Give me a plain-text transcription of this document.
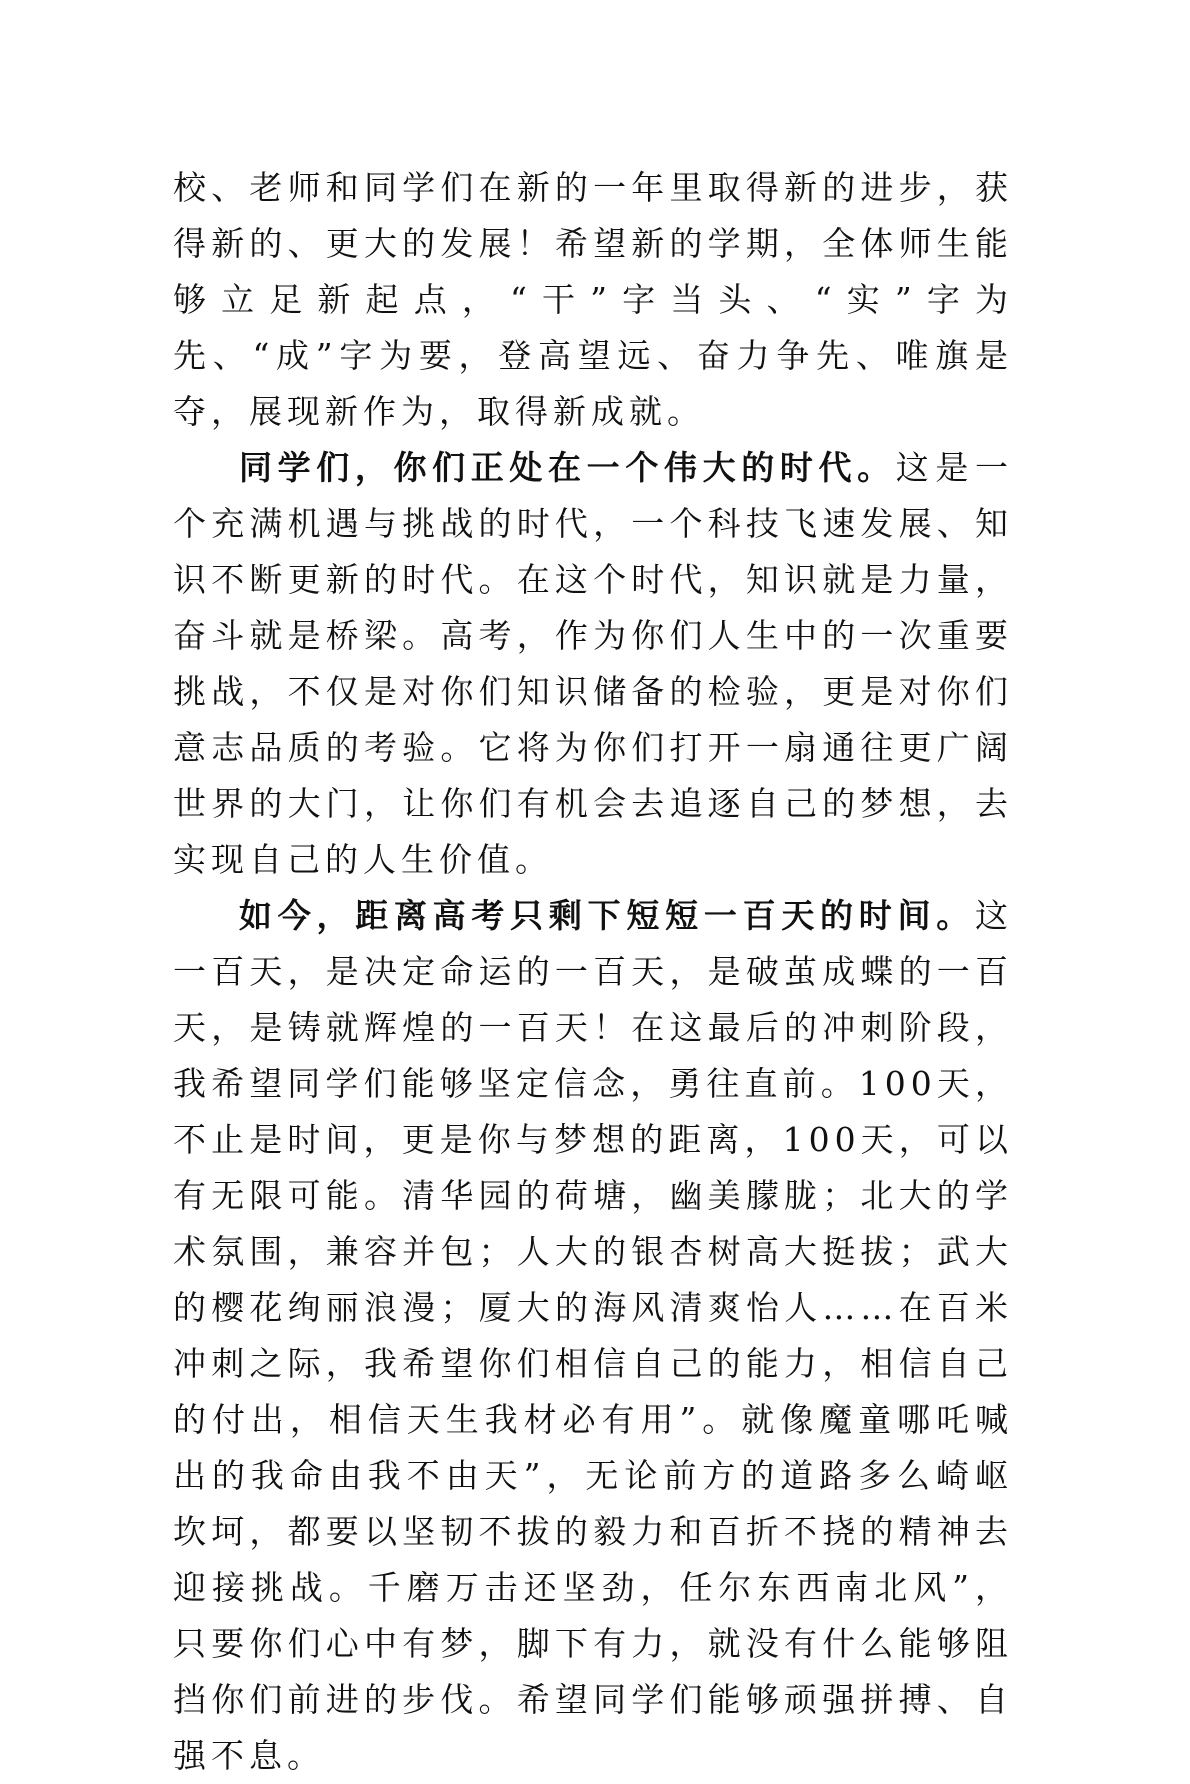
校、老师和同学们在新的一年里取得新的进步，获得新的、更大的发展！希望新的学期，全体师生能够立足新起点，“干”字当头、“实”字为先、“成”字为要，登高望远、奋力争先、唯旗是夺，展现新作为，取得新成就。

同学们，你们正处在一个伟大的时代。这是一个充满机遇与挑战的时代，一个科技飞速发展、知识不断更新的时代。在这个时代，知识就是力量，奋斗就是桥梁。高考，作为你们人生中的一次重要挑战，不仅是对你们知识储备的检验，更是对你们意志品质的考验。它将为你们打开一扇通往更广阔世界的大门，让你们有机会去追逐自己的梦想，去实现自己的人生价值。

如今，距离高考只剩下短短一百天的时间。这一百天，是决定命运的一百天，是破茧成蝶的一百天，是铸就辉煌的一百天！在这最后的冲刺阶段，我希望同学们能够坚定信念，勇往直前。100天，不止是时间，更是你与梦想的距离，100天，可以有无限可能。清华园的荷塘，幽美朦胧；北大的学术氛围，兼容并包；人大的银杏树高大挺拔；武大的樱花绚丽浪漫；厦大的海风清爽怡人……在百米冲刺之际，我希望你们相信自己的能力，相信自己的付出，相信天生我材必有用”。就像魔童哪吒喊出的我命由我不由天”，无论前方的道路多么崎岖坎坷，都要以坚韧不拔的毅力和百折不挠的精神去迎接挑战。千磨万击还坚劲，任尔东西南北风”，只要你们心中有梦，脚下有力，就没有什么能够阻挡你们前进的步伐。希望同学们能够顽强拼搏、自强不息。
